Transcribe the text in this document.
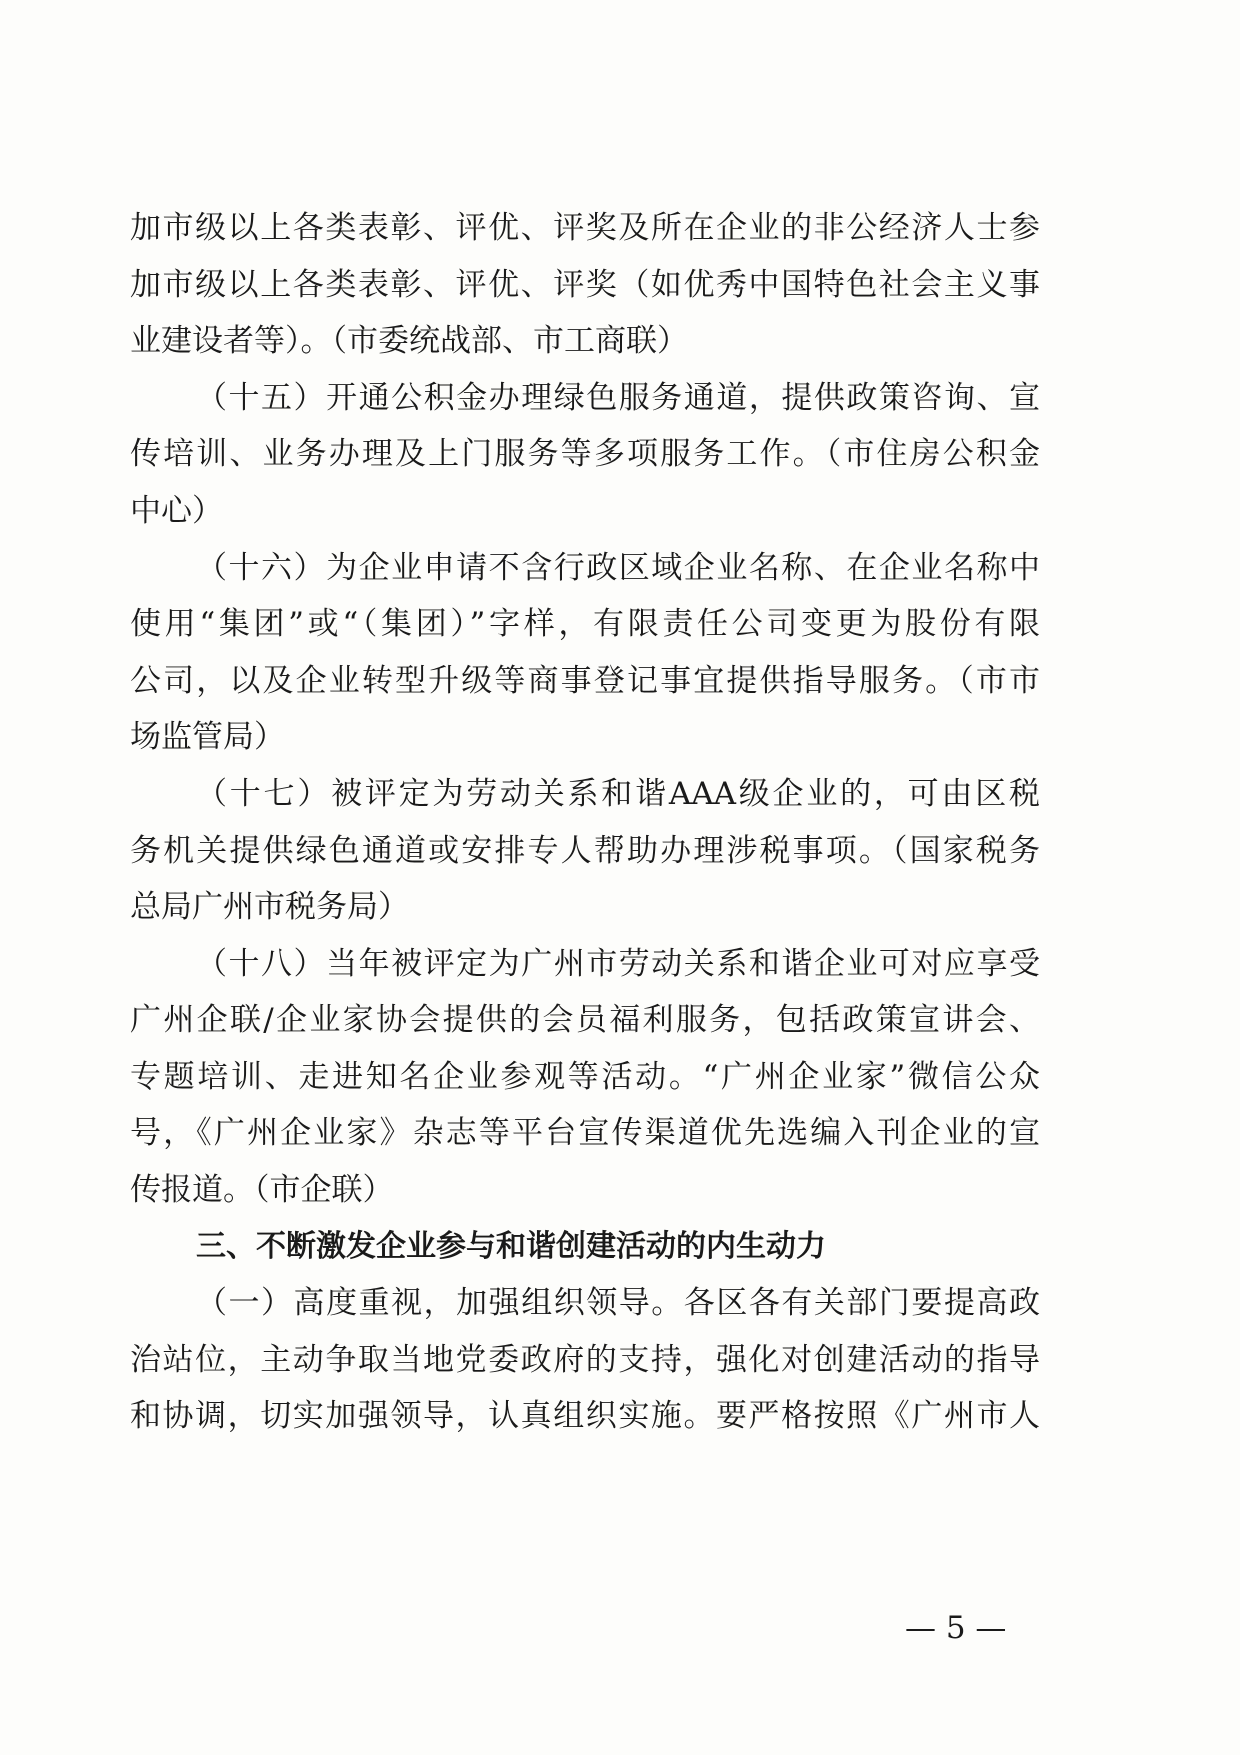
加市级以上各类表彰、评优、评奖及所在企业的非公经济人士参
加市级以上各类表彰、评优、评奖（如优秀中国特色社会主义事
业建设者等）。（市委统战部、市工商联）
（十五）开通公积金办理绿色服务通道，提供政策咨询、宣
传培训、业务办理及上门服务等多项服务工作。（市住房公积金
中心）
（十六）为企业申请不含行政区域企业名称、在企业名称中
使用“集团”或“（集团）”字样，有限责任公司变更为股份有限
公司，以及企业转型升级等商事登记事宜提供指导服务。（市市
场监管局）
（十七）被评定为劳动关系和谐AAA级企业的，可由区税
务机关提供绿色通道或安排专人帮助办理涉税事项。（国家税务
总局广州市税务局）
（十八）当年被评定为广州市劳动关系和谐企业可对应享受
广州企联/企业家协会提供的会员福利服务，包括政策宣讲会、
专题培训、走进知名企业参观等活动。“广州企业家”微信公众
号，《广州企业家》杂志等平台宣传渠道优先选编入刊企业的宣
传报道。（市企联）
三、不断激发企业参与和谐创建活动的内生动力
（一）高度重视，加强组织领导。各区各有关部门要提高政
治站位，主动争取当地党委政府的支持，强化对创建活动的指导
和协调，切实加强领导，认真组织实施。要严格按照《广州市人
— 5 —
